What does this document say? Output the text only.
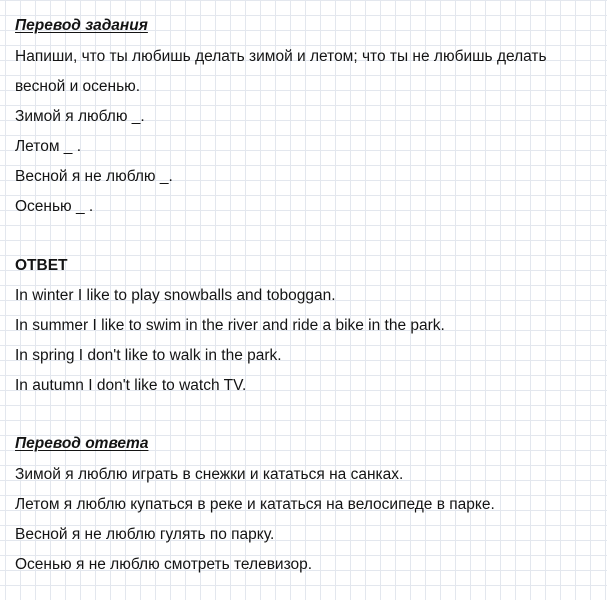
Перевод задания
Напиши, что ты любишь делать зимой и летом; что ты не любишь делать
весной и осенью.
Зимой я люблю _.
Летом _ .
Весной я не люблю _.
Осенью _ .
ОТВЕТ
In winter I like to play snowballs and toboggan.
In summer I like to swim in the river and ride a bike in the park.
In spring I don't like to walk in the park.
In autumn I don't like to watch TV.
Перевод ответа
Зимой я люблю играть в снежки и кататься на санках.
Летом я люблю купаться в реке и кататься на велосипеде в парке.
Весной я не люблю гулять по парку.
Осенью я не люблю смотреть телевизор.
